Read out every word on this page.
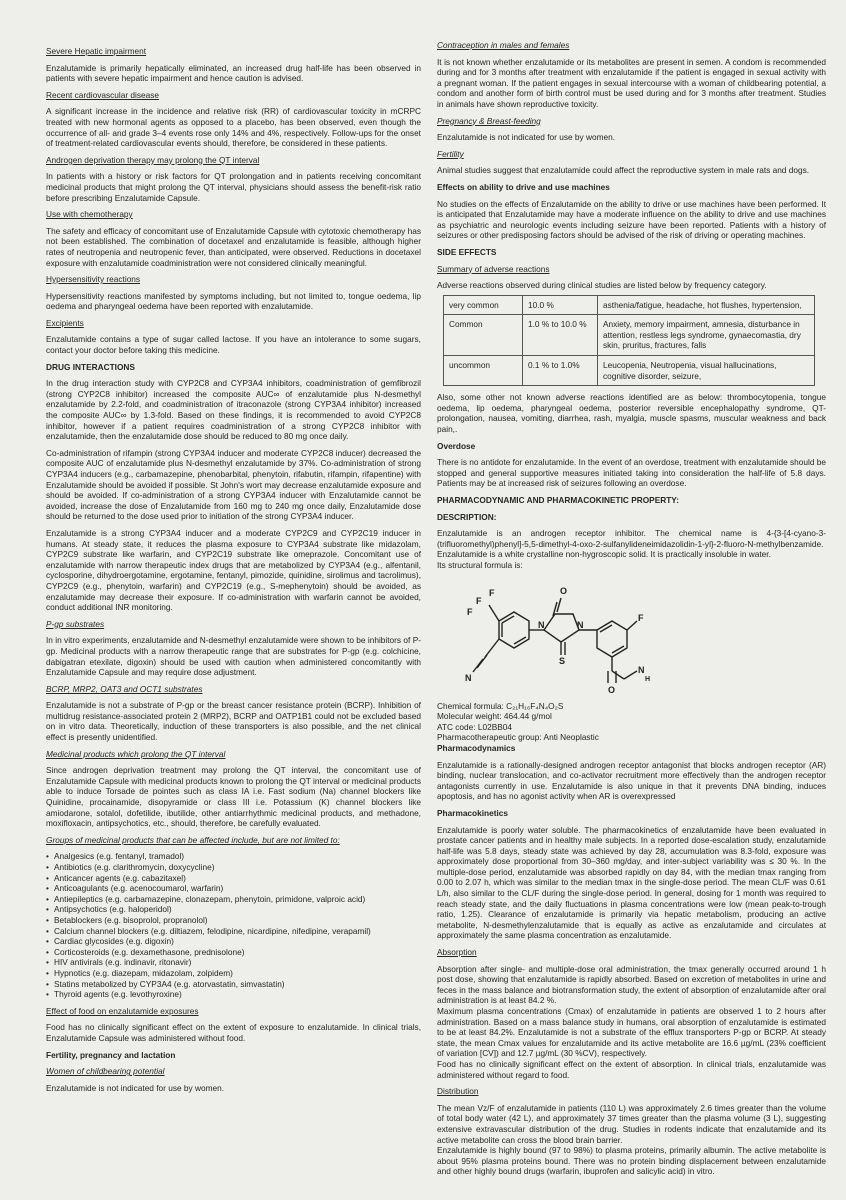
Severe Hepatic impairment

Enzalutamide is primarily hepatically eliminated, an increased drug half-life has been observed in patients with severe hepatic impairment and hence caution is advised.

Recent cardiovascular disease

A significant increase in the incidence and relative risk (RR) of cardiovascular toxicity in mCRPC treated with new hormonal agents as opposed to a placebo, has been observed, even though the occurrence of all- and grade 3–4 events rose only 14% and 4%, respectively. Follow-ups for the onset of treatment-related cardiovascular events should, therefore, be considered in these patients.

Androgen deprivation therapy may prolong the QT interval

In patients with a history or risk factors for QT prolongation and in patients receiving concomitant medicinal products that might prolong the QT interval, physicians should assess the benefit-risk ratio before prescribing Enzalutamide Capsule.

Use with chemotherapy

The safety and efficacy of concomitant use of Enzalutamide Capsule with cytotoxic chemotherapy has not been established. The combination of docetaxel and enzalutamide is feasible, although higher rates of neutropenia and neutropenic fever, than anticipated, were observed. Reductions in docetaxel exposure with enzalutamide coadministration were not considered clinically meaningful.

Hypersensitivity reactions

Hypersensitivity reactions manifested by symptoms including, but not limited to, tongue oedema, lip oedema and pharyngeal oedema have been reported with enzalutamide.

Excipients

Enzalutamide contains a type of sugar called lactose. If you have an intolerance to some sugars, contact your doctor before taking this medicine.

DRUG INTERACTIONS

In the drug interaction study with CYP2C8 and CYP3A4 inhibitors, coadministration of gemfibrozil (strong CYP2C8 inhibitor) increased the composite AUC∞ of enzalutamide plus N-desmethyl enzalutamide by 2.2-fold, and coadministration of itraconazole (strong CYP3A4 inhibitor) increased the composite AUC∞ by 1.3-fold. Based on these findings, it is recommended to avoid CYP2C8 inhibitor, however if a patient requires coadministration of a strong CYP2C8 inhibitor with enzalutamide, then the enzalutamide dose should be reduced to 80 mg once daily.

Co-administration of rifampin (strong CYP3A4 inducer and moderate CYP2C8 inducer) decreased the composite AUC of enzalutamide plus N-desmethyl enzalutamide by 37%. Co-administration of strong CYP3A4 inducers (e.g., carbamazepine, phenobarbital, phenytoin, rifabutin, rifampin, rifapentine) with Enzalutamide should be avoided if possible. St John's wort may decrease enzalutamide exposure and should be avoided. If co-administration of a strong CYP3A4 inducer with Enzalutamide cannot be avoided, increase the dose of Enzalutamide from 160 mg to 240 mg once daily, Enzalutamide dose should be returned to the dose used prior to initiation of the strong CYP3A4 inducer.

Enzalutamide is a strong CYP3A4 inducer and a moderate CYP2C9 and CYP2C19 inducer in humans. At steady state, it reduces the plasma exposure to CYP3A4 substrate like midazolam, CYP2C9 substrate like warfarin, and CYP2C19 substrate like omeprazole. Concomitant use of enzalutamide with narrow therapeutic index drugs that are metabolized by CYP3A4 (e.g., alfentanil, cyclosporine, dihydroergotamine, ergotamine, fentanyl, pimozide, quinidine, sirolimus and tacrolimus), CYP2C9 (e.g., phenytoin, warfarin) and CYP2C19 (e.g., S-mephenytoin) should be avoided, as enzalutamide may decrease their exposure. If co-administration with warfarin cannot be avoided, conduct additional INR monitoring.

P-gp substrates

In in vitro experiments, enzalutamide and N-desmethyl enzalutamide were shown to be inhibitors of P-gp. Medicinal products with a narrow therapeutic range that are substrates for P-gp (e.g. colchicine, dabigatran etexilate, digoxin) should be used with caution when administered concomitantly with Enzalutamide Capsule and may require dose adjustment.

BCRP, MRP2, OAT3 and OCT1 substrates

Enzalutamide is not a substrate of P-gp or the breast cancer resistance protein (BCRP). Inhibition of multidrug resistance-associated protein 2 (MRP2), BCRP and OATP1B1 could not be excluded based on in vitro data. Theoretically, induction of these transporters is also possible, and the net clinical effect is presently unidentified.

Medicinal products which prolong the QT interval

Since androgen deprivation treatment may prolong the QT interval, the concomitant use of Enzalutamide Capsule with medicinal products known to prolong the QT interval or medicinal products able to induce Torsade de pointes such as class IA i.e. Fast sodium (Na) channel blockers like Quinidine, procainamide, disopyramide or class III i.e. Potassium (K) channel blockers like amiodarone, sotalol, dofetilide, ibutilide, other antiarrhythmic medicinal products, and methadone, moxifloxacin, antipsychotics, etc., should, therefore, be carefully evaluated.

Groups of medicinal products that can be affected include, but are not limited to:

• Analgesics (e.g. fentanyl, tramadol)
• Antibiotics (e.g. clarithromycin, doxycycline)
• Anticancer agents (e.g. cabazitaxel)
• Anticoagulants (e.g. acenocoumarol, warfarin)
• Antiepileptics (e.g. carbamazepine, clonazepam, phenytoin, primidone, valproic acid)
• Antipsychotics (e.g. haloperidol)
• Betablockers (e.g. bisoprolol, propranolol)
• Calcium channel blockers (e.g. diltiazem, felodipine, nicardipine, nifedipine, verapamil)
• Cardiac glycosides (e.g. digoxin)
• Corticosteroids (e.g. dexamethasone, prednisolone)
• HIV antivirals (e.g. indinavir, ritonavir)
• Hypnotics (e.g. diazepam, midazolam, zolpidem)
• Statins metabolized by CYP3A4 (e.g. atorvastatin, simvastatin)
• Thyroid agents (e.g. levothyroxine)

Effect of food on enzalutamide exposures

Food has no clinically significant effect on the extent of exposure to enzalutamide. In clinical trials, Enzalutamide Capsule was administered without food.

Fertility, pregnancy and lactation

Women of childbearing potential

Enzalutamide is not indicated for use by women.

Contraception in males and females

It is not known whether enzalutamide or its metabolites are present in semen. A condom is recommended during and for 3 months after treatment with enzalutamide if the patient is engaged in sexual activity with a pregnant woman. If the patient engages in sexual intercourse with a woman of childbearing potential, a condom and another form of birth control must be used during and for 3 months after treatment. Studies in animals have shown reproductive toxicity.

Pregnancy & Breast-feeding

Enzalutamide is not indicated for use by women.

Fertility

Animal studies suggest that enzalutamide could affect the reproductive system in male rats and dogs.

Effects on ability to drive and use machines

No studies on the effects of Enzalutamide on the ability to drive or use machines have been performed. It is anticipated that Enzalutamide may have a moderate influence on the ability to drive and use machines as psychiatric and neurologic events including seizure have been reported. Patients with a history of seizures or other predisposing factors should be advised of the risk of driving or operating machines.

SIDE EFFECTS

Summary of adverse reactions

Adverse reactions observed during clinical studies are listed below by frequency category.

very common	10.0 %	asthenia/fatigue, headache, hot flushes, hypertension,
Common	1.0 % to 10.0 %	Anxiety, memory impairment, amnesia, disturbance in attention, restless legs syndrome, gynaecomastia, dry skin, pruritus, fractures, falls
uncommon	0.1 % to 1.0%	Leucopenia, Neutropenia, visual hallucinations, cognitive disorder, seizure,

Also, some other not known adverse reactions identified are as below: thrombocytopenia, tongue oedema, lip oedema, pharyngeal oedema, posterior reversible encephalopathy syndrome, QT-prolongation, nausea, vomiting, diarrhea, rash, myalgia, muscle spasms, muscular weakness and back pain,.

Overdose

There is no antidote for enzalutamide. In the event of an overdose, treatment with enzalutamide should be stopped and general supportive measures initiated taking into consideration the half-life of 5.8 days. Patients may be at increased risk of seizures following an overdose.

PHARMACODYNAMIC AND PHARMACOKINETIC PROPERTY:

DESCRIPTION:

Enzalutamide is an androgen receptor inhibitor. The chemical name is 4-{3-[4-cyano-3-(trifluoromethyl)phenyl]-5,5-dimethyl-4-oxo-2-sulfanylideneimidazolidin-1-yl}-2-fluoro-N-methylbenzamide. Enzalutamide is a white crystalline non-hygroscopic solid. It is practically insoluble in water.

Its structural formula is:

O
F
F
F
N
N
S
N
F
O
N
H

Chemical formula: C₂₁H₁₆F₄N₄O₂S

Molecular weight: 464.44 g/mol

ATC code: L02BB04

Pharmacotherapeutic group: Anti Neoplastic

Pharmacodynamics

Enzalutamide is a rationally-designed androgen receptor antagonist that blocks androgen receptor (AR) binding, nuclear translocation, and co-activator recruitment more effectively than the androgen receptor antagonists currently in use. Enzalutamide is also unique in that it prevents DNA binding, induces apoptosis, and has no agonist activity when AR is overexpressed

Pharmacokinetics

Enzalutamide is poorly water soluble. The pharmacokinetics of enzalutamide have been evaluated in prostate cancer patients and in healthy male subjects. In a reported dose-escalation study, enzalutamide half-life was 5.8 days, steady state was achieved by day 28, accumulation was 8.3-fold, exposure was approximately dose proportional from 30–360 mg/day, and inter-subject variability was ≤ 30 %. In the multiple-dose period, enzalutamide was absorbed rapidly on day 84, with the median tmax ranging from 0.00 to 2.07 h, which was similar to the median tmax in the single-dose period. The mean CL/F was 0.61 L/h, also similar to the CL/F during the single-dose period. In general, dosing for 1 month was required to reach steady state, and the daily fluctuations in plasma concentrations were low (mean peak-to-trough ratio, 1.25). Clearance of enzalutamide is primarily via hepatic metabolism, producing an active metabolite, N-desmethylenzalutamide that is equally as active as enzalutamide and circulates at approximately the same plasma concentration as enzalutamide.

Absorption

Absorption after single- and multiple-dose oral administration, the tmax generally occurred around 1 h post dose, showing that enzalutamide is rapidly absorbed. Based on excretion of metabolites in urine and feces in the mass balance and biotransformation study, the extent of absorption of enzalutamide after oral administration is at least 84.2 %.

Maximum plasma concentrations (Cmax) of enzalutamide in patients are observed 1 to 2 hours after administration. Based on a mass balance study in humans, oral absorption of enzalutamide is estimated to be at least 84.2%. Enzalutamide is not a substrate of the efflux transporters P-gp or BCRP. At steady state, the mean Cmax values for enzalutamide and its active metabolite are 16.6 µg/mL (23% coefficient of variation [CV]) and 12.7 µg/mL (30 %CV), respectively.

Food has no clinically significant effect on the extent of absorption. In clinical trials, enzalutamide was administered without regard to food.

Distribution

The mean Vz/F of enzalutamide in patients (110 L) was approximately 2.6 times greater than the volume of total body water (42 L), and approximately 37 times greater than the plasma volume (3 L), suggesting extensive extravascular distribution of the drug. Studies in rodents indicate that enzalutamide and its active metabolite can cross the blood brain barrier.

Enzalutamide is highly bound (97 to 98%) to plasma proteins, primarily albumin. The active metabolite is about 95% plasma proteins bound. There was no protein binding displacement between enzalutamide and other highly bound drugs (warfarin, ibuprofen and salicylic acid) in vitro.
